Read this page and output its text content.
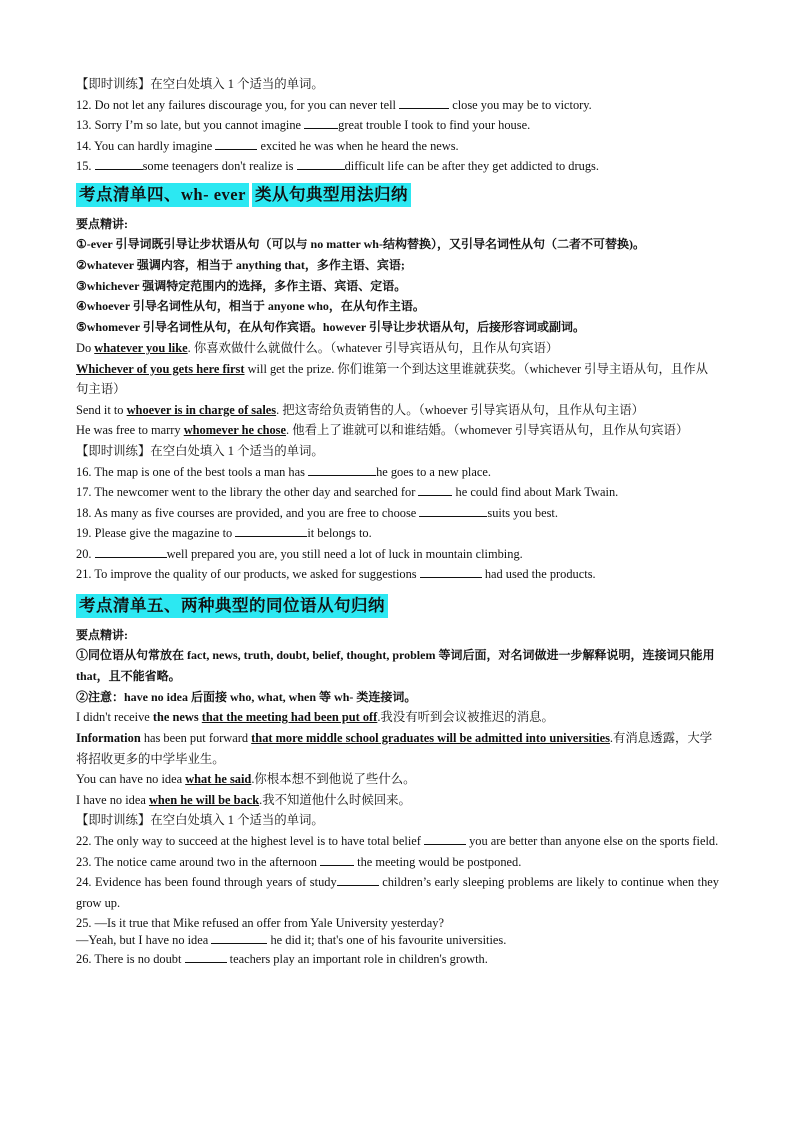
【即时训练】在空白处填入 1 个适当的单词。
12. Do not let any failures discourage you, for you can never tell	close you may be to victory.
13. Sorry I’m so late, but you cannot imagine	great trouble I took to find your house.
14. You can hardly imagine	excited he was when he heard the news.
15.	some teenagers don't realize is	difficult life can be after they get addicted to drugs.
考点清单四、wh- ever 类从句典型用法归纳
要点精讲:
①-ever 引导词既引导让步状语从句（可以与 no matter wh-结构替换），又引导名词性从句（二者不可替换)。
②whatever 强调内容，相当于 anything that，多作主语、宾语;
③whichever 强调特定范围内的选择，多作主语、宾语、定语。
④whoever 引导名词性从句，相当于 anyone who，在从句作主语。
⑤whomever 引导名词性从句，在从句作宾语。however 引导让步状语从句，后接形容词或副词。
Do whatever you like. 你喜欢做什么就做什么。（whatever 引导宾语从句，且作从句宾语）
Whichever of you gets here first will get the prize. 你们谁第一个到达这里谁就获奖。（whichever 引导主语从句，且作从句主语）
Send it to whoever is in charge of sales. 把这寄给负责销售的人。（whoever 引导宾语从句，且作从句主语）
He was free to marry whomever he chose. 他看上了谁就可以和谁结婚。（whomever 引导宾语从句，且作从句宾语）
【即时训练】在空白处填入 1 个适当的单词。
16. The map is one of the best tools a man has	he goes to a new place.
17. The newcomer went to the library the other day and searched for	he could find about Mark Twain.
18. As many as five courses are provided, and you are free to choose	suits you best.
19. Please give the magazine to	it belongs to.
20.	well prepared you are, you still need a lot of luck in mountain climbing.
21. To improve the quality of our products, we asked for suggestions	had used the products.
考点清单五、两种典型的同位语从句归纳
要点精讲:
①同位语从句常放在 fact, news, truth, doubt, belief, thought, problem 等词后面，对名词做进一步解释说明，连接词只能用 that，且不能省略。
②注意：have no idea 后面接 who, what, when 等 wh- 类连接词。
I didn't receive the news that the meeting had been put off.我没有听到会议被推迟的消息。
Information has been put forward that more middle school graduates will be admitted into universities.有消息透露，大学将招收更多的中学毕业生。
You can have no idea what he said.你根本想不到他说了些什么。
I have no idea when he will be back.我不知道他什么时候回来。
【即时训练】在空白处填入 1 个适当的单词。
22. The only way to succeed at the highest level is to have total belief	you are better than anyone else on the sports field.
23. The notice came around two in the afternoon	the meeting would be postponed.
24. Evidence has been found through years of study	children’s early sleeping problems are likely to continue when they grow up.
25. —Is it true that Mike refused an offer from Yale University yesterday?
—Yeah, but I have no idea	he did it; that's one of his favourite universities.
26. There is no doubt	teachers play an important role in children's growth.
